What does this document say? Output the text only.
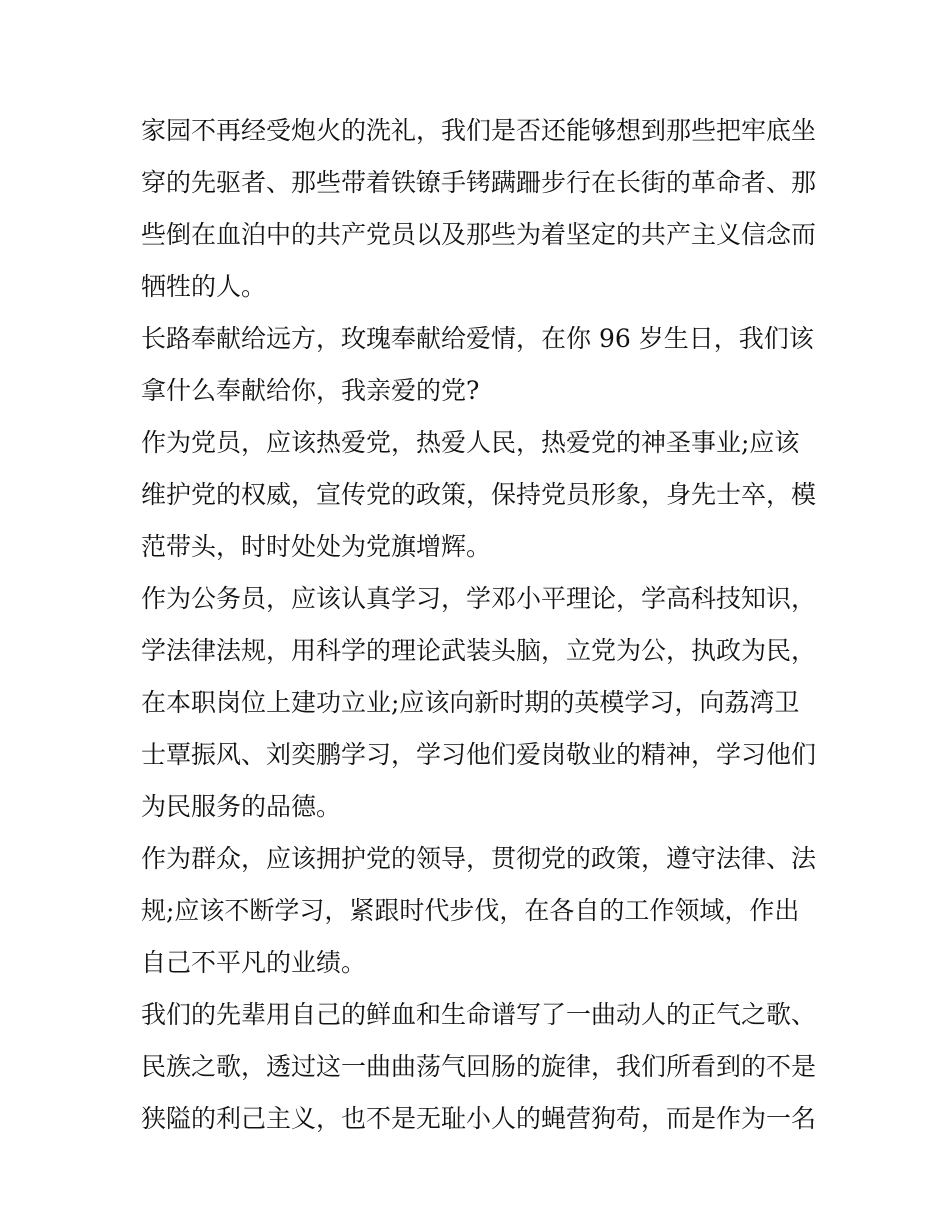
家园不再经受炮火的洗礼，我们是否还能够想到那些把牢底坐
穿的先驱者、那些带着铁镣手铐蹒跚步行在长街的革命者、那
些倒在血泊中的共产党员以及那些为着坚定的共产主义信念而
牺牲的人。
长路奉献给远方，玫瑰奉献给爱情，在你 96 岁生日，我们该
拿什么奉献给你，我亲爱的党?
作为党员，应该热爱党，热爱人民，热爱党的神圣事业;应该
维护党的权威，宣传党的政策，保持党员形象，身先士卒，模
范带头，时时处处为党旗增辉。
作为公务员，应该认真学习，学邓小平理论，学高科技知识，
学法律法规，用科学的理论武装头脑，立党为公，执政为民，
在本职岗位上建功立业;应该向新时期的英模学习，向荔湾卫
士覃振风、刘奕鹏学习，学习他们爱岗敬业的精神，学习他们
为民服务的品德。
作为群众，应该拥护党的领导，贯彻党的政策，遵守法律、法
规;应该不断学习，紧跟时代步伐，在各自的工作领域，作出
自己不平凡的业绩。
我们的先辈用自己的鲜血和生命谱写了一曲动人的正气之歌、
民族之歌，透过这一曲曲荡气回肠的旋律，我们所看到的不是
狭隘的利己主义，也不是无耻小人的蝇营狗苟，而是作为一名
